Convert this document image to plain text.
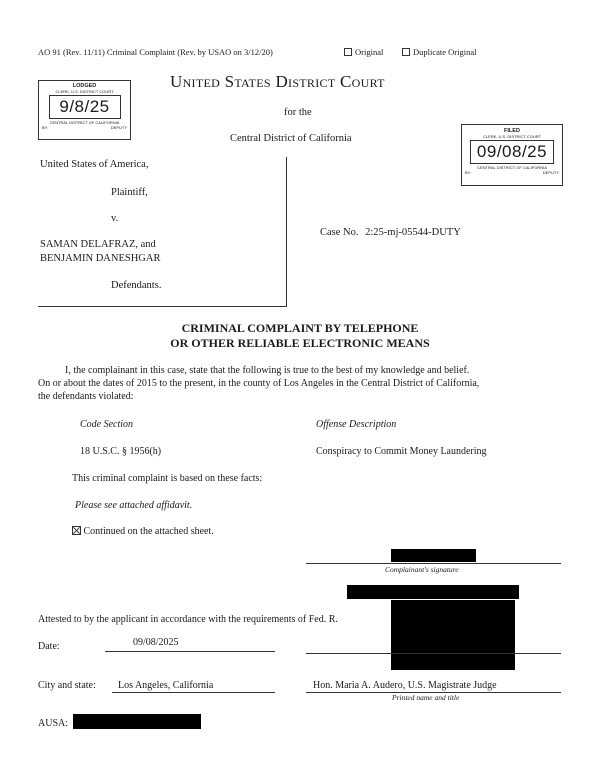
AO 91 (Rev. 11/11) Criminal Complaint (Rev. by USAO on 3/12/20)	Original	Duplicate Original
United States District Court
for the
Central District of California
LODGED
CLERK, U.S. DISTRICT COURT
9/8/25
CENTRAL DISTRICT OF CALIFORNIA
BY:	DEPUTY
FILED
CLERK, U.S. DISTRICT COURT
09/08/25
CENTRAL DISTRICT OF CALIFORNIA
BY:	DEPUTY
United States of America,
Plaintiff,
v.
SAMAN DELAFRAZ, and
BENJAMIN DANESHGAR
Defendants.
Case No. 2:25-mj-05544-DUTY
CRIMINAL COMPLAINT BY TELEPHONE
OR OTHER RELIABLE ELECTRONIC MEANS
I, the complainant in this case, state that the following is true to the best of my knowledge and belief.
On or about the dates of 2015 to the present, in the county of Los Angeles in the Central District of California,
the defendants violated:
Code Section	Offense Description
18 U.S.C. § 1956(h)	Conspiracy to Commit Money Laundering
This criminal complaint is based on these facts:
Please see attached affidavit.
Continued on the attached sheet.
Complainant's signature
Attested to by the applicant in accordance with the requirements of Fed. R.
Date:	09/08/2025
City and state: Los Angeles, California	Hon. Maria A. Audero, U.S. Magistrate Judge
Printed name and title
AUSA:
